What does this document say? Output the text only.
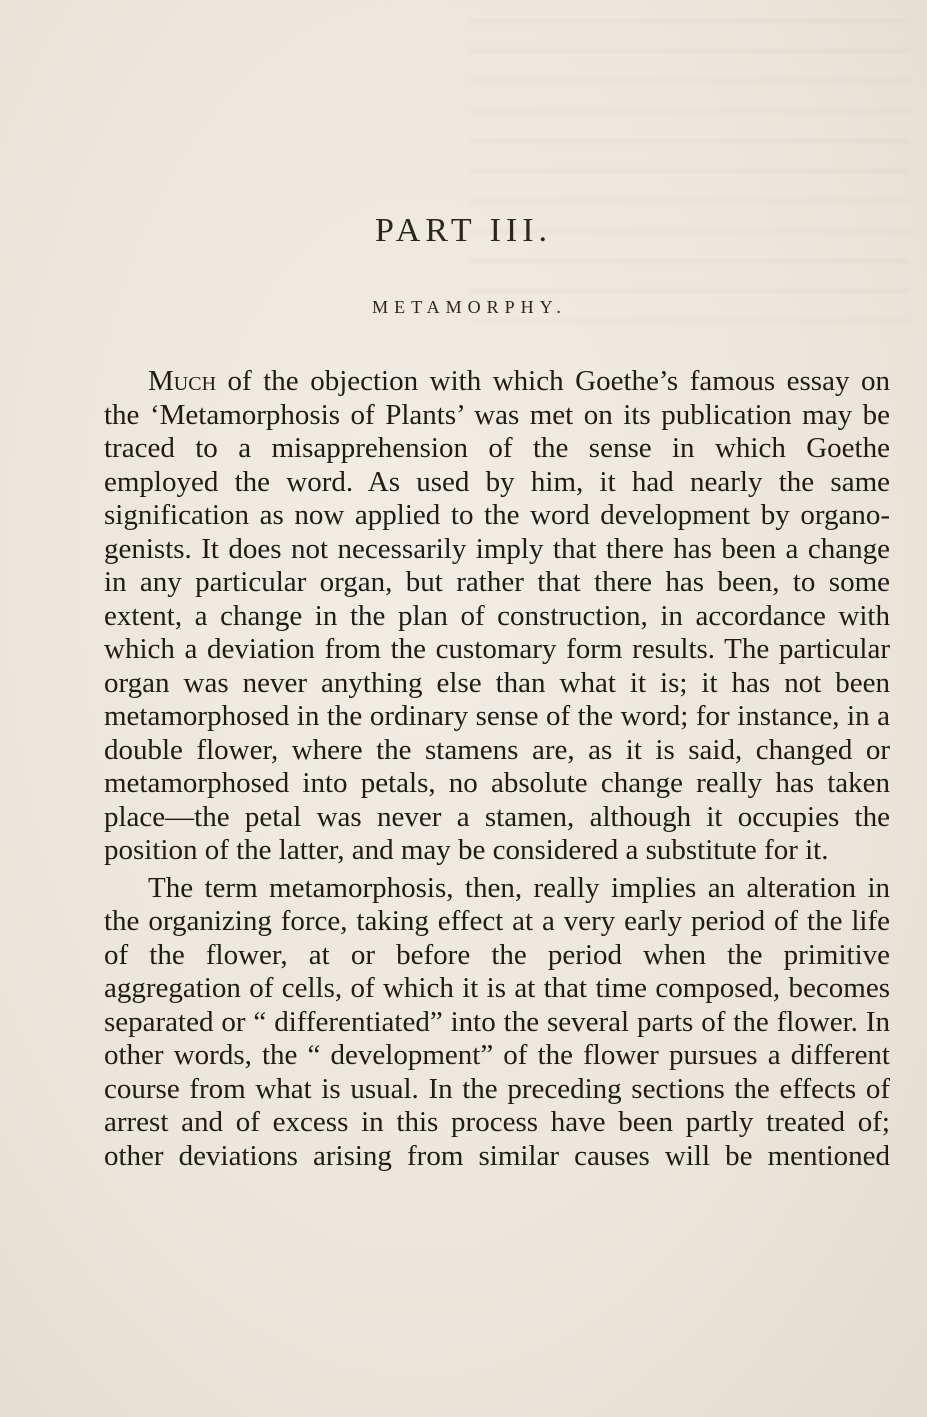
PART III.
METAMORPHY.

Much of the objection with which Goethe’s famous essay on the ‘Metamorphosis of Plants’ was met on its publication may be traced to a misapprehension of the sense in which Goethe employed the word. As used by him, it had nearly the same signification as now applied to the word development by organogenists. It does not necessarily imply that there has been a change in any particular organ, but rather that there has been, to some extent, a change in the plan of construction, in accordance with which a deviation from the customary form results. The particular organ was never anything else than what it is; it has not been metamorphosed in the ordinary sense of the word; for instance, in a double flower, where the stamens are, as it is said, changed or metamorphosed into petals, no absolute change really has taken place—the petal was never a stamen, although it occupies the position of the latter, and may be considered a substitute for it.

The term metamorphosis, then, really implies an alteration in the organizing force, taking effect at a very early period of the life of the flower, at or before the period when the primitive aggregation of cells, of which it is at that time composed, becomes separated or “ differentiated” into the several parts of the flower. In other words, the “ development” of the flower pursues a different course from what is usual. In the preceding sections the effects of arrest and of excess in this process have been partly treated of; other deviations arising from similar causes will be mentioned
